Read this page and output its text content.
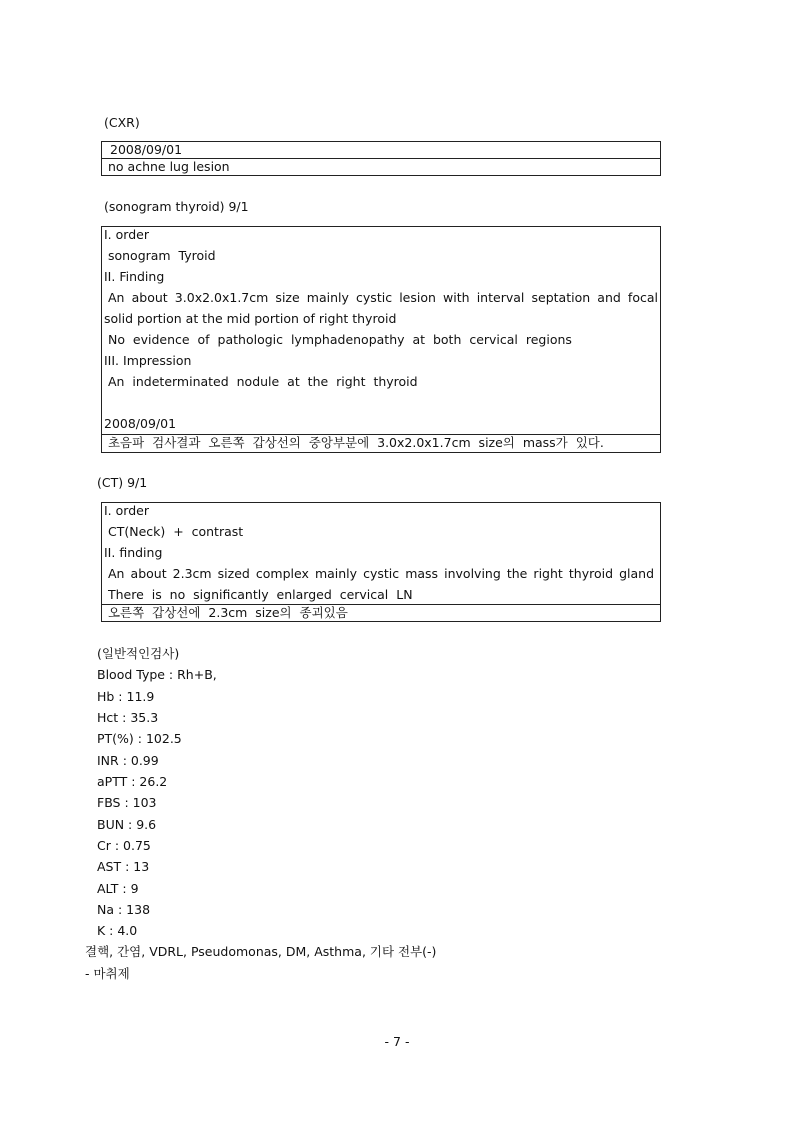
(CXR)
2008/09/01
no achne lug lesion
(sonogram thyroid) 9/1
I. order
sonogram  Tyroid
II. Finding
An about 3.0x2.0x1.7cm size mainly cystic lesion with interval septation and focal
solid portion at the mid portion of right thyroid
No  evidence  of  pathologic  lymphadenopathy  at  both  cervical  regions
III. Impression
An  indeterminated  nodule  at  the  right  thyroid
2008/09/01
초음파  검사결과  오른쪽  갑상선의  중앙부분에  3.0x2.0x1.7cm  size의  mass가  있다.
(CT) 9/1
I. order
CT(Neck)  +  contrast
II. finding
An about 2.3cm sized complex mainly cystic mass involving the right thyroid gland
There  is  no  significantly  enlarged  cervical  LN
오른쪽  갑상선에  2.3cm  size의  종괴있음
(일반적인검사)
Blood Type : Rh+B,
Hb : 11.9
Hct : 35.3
PT(%) : 102.5
INR : 0.99
aPTT : 26.2
FBS : 103
BUN : 9.6
Cr : 0.75
AST : 13
ALT : 9
Na : 138
K : 4.0
결핵, 간염, VDRL, Pseudomonas, DM, Asthma, 기타 전부(-)
- 마취제
- 7 -
